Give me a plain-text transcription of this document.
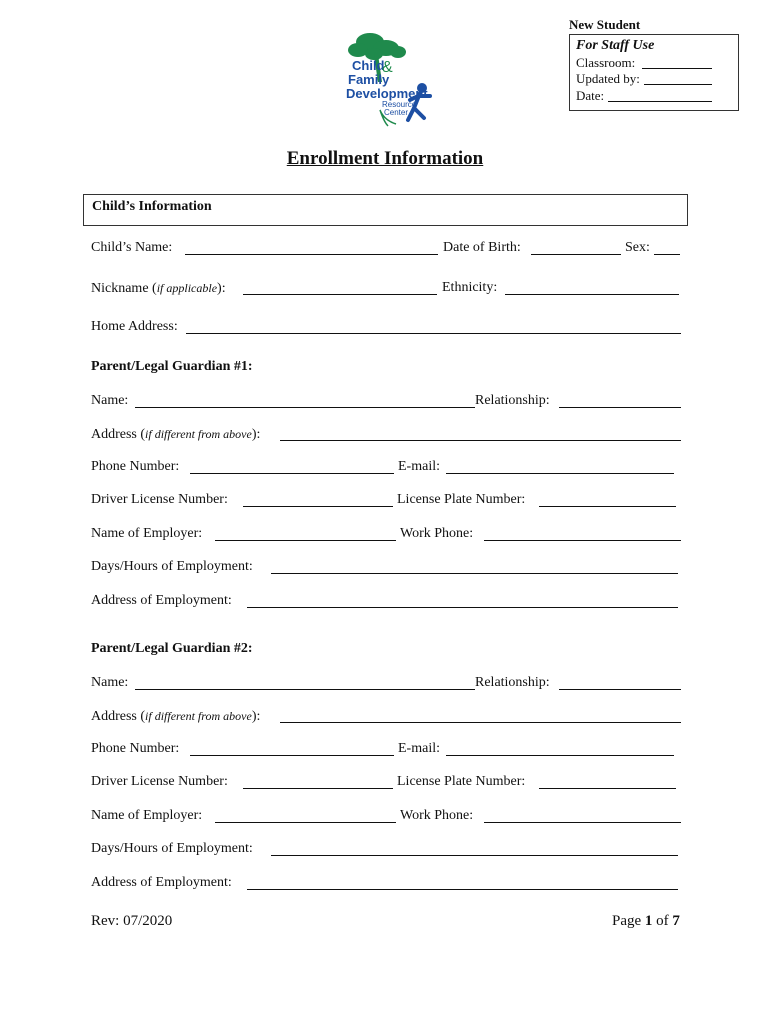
New Student
For Staff Use
Classroom:
Updated by:
Date:
Child
&
Family
Development
Resource
Center
Enrollment Information
Child’s Information
Child’s Name:	Date of Birth:	Sex:
Nickname (if applicable):	Ethnicity:
Home Address:
Parent/Legal Guardian #1:
Name:	Relationship:
Address (if different from above):
Phone Number:	E-mail:
Driver License Number:	License Plate Number:
Name of Employer:	Work Phone:
Days/Hours of Employment:
Address of Employment:
Parent/Legal Guardian #2:
Name:	Relationship:
Address (if different from above):
Phone Number:	E-mail:
Driver License Number:	License Plate Number:
Name of Employer:	Work Phone:
Days/Hours of Employment:
Address of Employment:
Rev: 07/2020	Page 1 of 7
